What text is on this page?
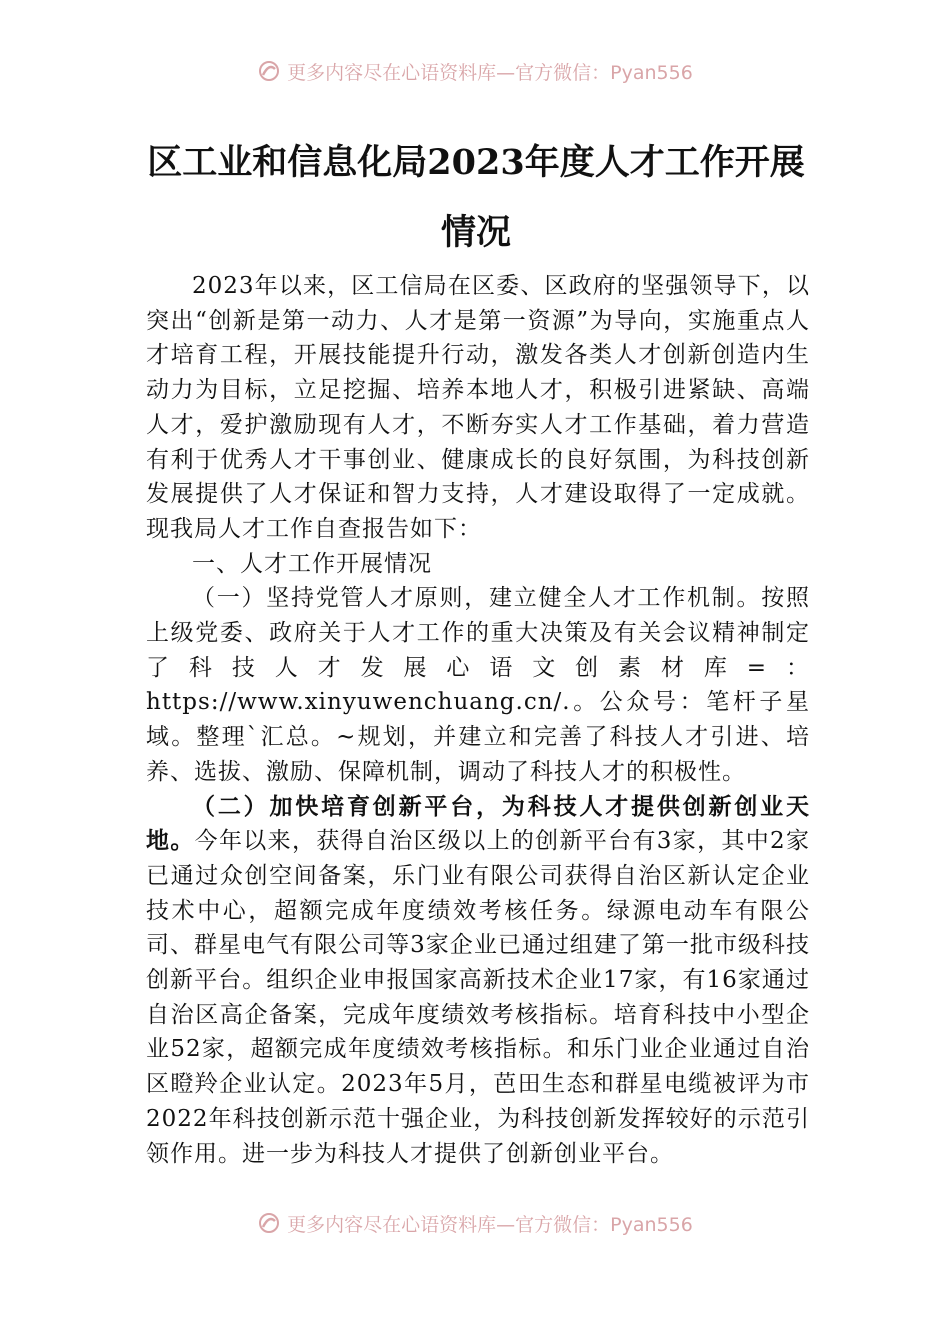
更多内容尽在心语资料库—官方微信：Pyan556
区工业和信息化局2023年度人才工作开展
情况

2023年以来，区工信局在区委、区政府的坚强领导下，以突出“创新是第一动力、人才是第一资源”为导向，实施重点人才培育工程，开展技能提升行动，激发各类人才创新创造内生动力为目标，立足挖掘、培养本地人才，积极引进紧缺、高端人才，爱护激励现有人才，不断夯实人才工作基础，着力营造有利于优秀人才干事创业、健康成长的良好氛围，为科技创新发展提供了人才保证和智力支持，人才建设取得了一定成就。现我局人才工作自查报告如下：

一、人才工作开展情况

（一）坚持党管人才原则，建立健全人才工作机制。按照上级党委、政府关于人才工作的重大决策及有关会议精神制定了科技人才发展心语文创素材库=：https://www.xinyuwenchuang.cn/.。公众号：笔杆子星域。整理`汇总。~规划，并建立和完善了科技人才引进、培养、选拔、激励、保障机制，调动了科技人才的积极性。

（二）加快培育创新平台，为科技人才提供创新创业天地。今年以来，获得自治区级以上的创新平台有3家，其中2家已通过众创空间备案，乐门业有限公司获得自治区新认定企业技术中心，超额完成年度绩效考核任务。绿源电动车有限公司、群星电气有限公司等3家企业已通过组建了第一批市级科技创新平台。组织企业申报国家高新技术企业17家，有16家通过自治区高企备案，完成年度绩效考核指标。培育科技中小型企业52家，超额完成年度绩效考核指标。和乐门业企业通过自治区瞪羚企业认定。2023年5月，芭田生态和群星电缆被评为市2022年科技创新示范十强企业，为科技创新发挥较好的示范引领作用。进一步为科技人才提供了创新创业平台。

更多内容尽在心语资料库—官方微信：Pyan556
